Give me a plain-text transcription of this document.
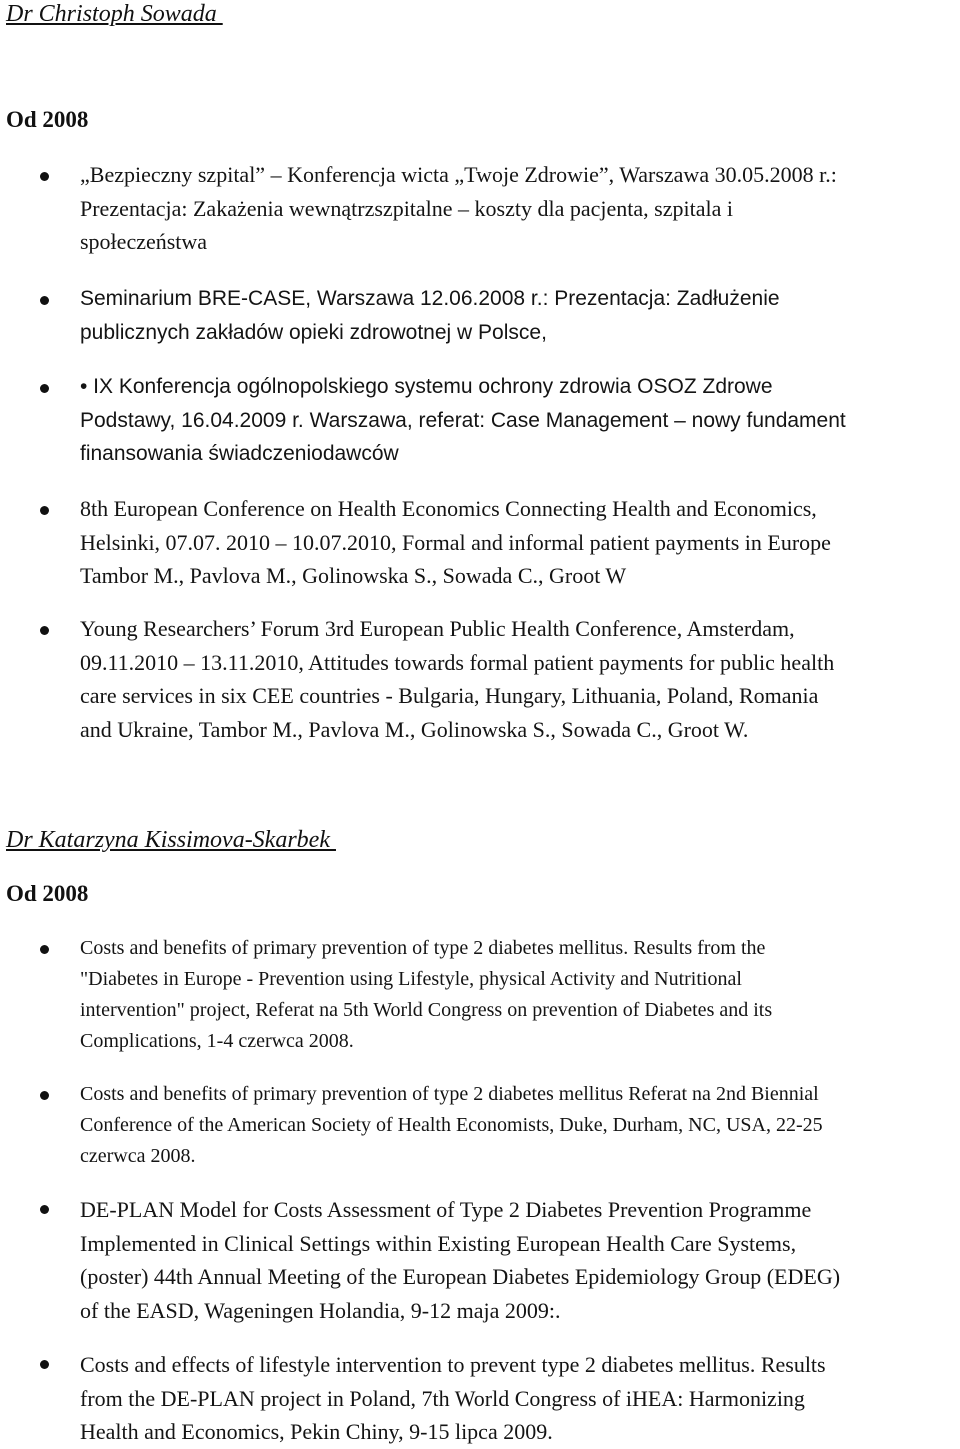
Dr Christoph Sowada
Od 2008
„Bezpieczny szpital” – Konferencja wicta „Twoje Zdrowie”, Warszawa 30.05.2008 r.:
Prezentacja: Zakażenia wewnątrzszpitalne – koszty dla pacjenta, szpitala i
społeczeństwa
Seminarium BRE-CASE, Warszawa 12.06.2008 r.: Prezentacja: Zadłużenie
publicznych zakładów opieki zdrowotnej w Polsce,
• IX Konferencja ogólnopolskiego systemu ochrony zdrowia OSOZ Zdrowe
Podstawy, 16.04.2009 r. Warszawa, referat: Case Management – nowy fundament
finansowania świadczeniodawców
8th European Conference on Health Economics Connecting Health and Economics,
Helsinki, 07.07. 2010 – 10.07.2010, Formal and informal patient payments in Europe
Tambor M., Pavlova M., Golinowska S., Sowada C., Groot W
Young Researchers’ Forum 3rd European Public Health Conference, Amsterdam,
09.11.2010 – 13.11.2010, Attitudes towards formal patient payments for public health
care services in six CEE countries - Bulgaria, Hungary, Lithuania, Poland, Romania
and Ukraine, Tambor M., Pavlova M., Golinowska S., Sowada C., Groot W.
Dr Katarzyna Kissimova-Skarbek
Od 2008
Costs and benefits of primary prevention of type 2 diabetes mellitus. Results from the
"Diabetes in Europe - Prevention using Lifestyle, physical Activity and Nutritional
intervention" project, Referat na 5th World Congress on prevention of Diabetes and its
Complications, 1-4 czerwca 2008.
Costs and benefits of primary prevention of type 2 diabetes mellitus Referat na 2nd Biennial
Conference of the American Society of Health Economists, Duke, Durham, NC, USA, 22-25
czerwca 2008.
DE-PLAN Model for Costs Assessment of Type 2 Diabetes Prevention Programme
Implemented in Clinical Settings within Existing European Health Care Systems,
(poster) 44th Annual Meeting of the European Diabetes Epidemiology Group (EDEG)
of the EASD, Wageningen Holandia, 9-12 maja 2009:.
Costs and effects of lifestyle intervention to prevent type 2 diabetes mellitus. Results
from the DE-PLAN project in Poland, 7th World Congress of iHEA: Harmonizing
Health and Economics, Pekin Chiny, 9-15 lipca 2009.
